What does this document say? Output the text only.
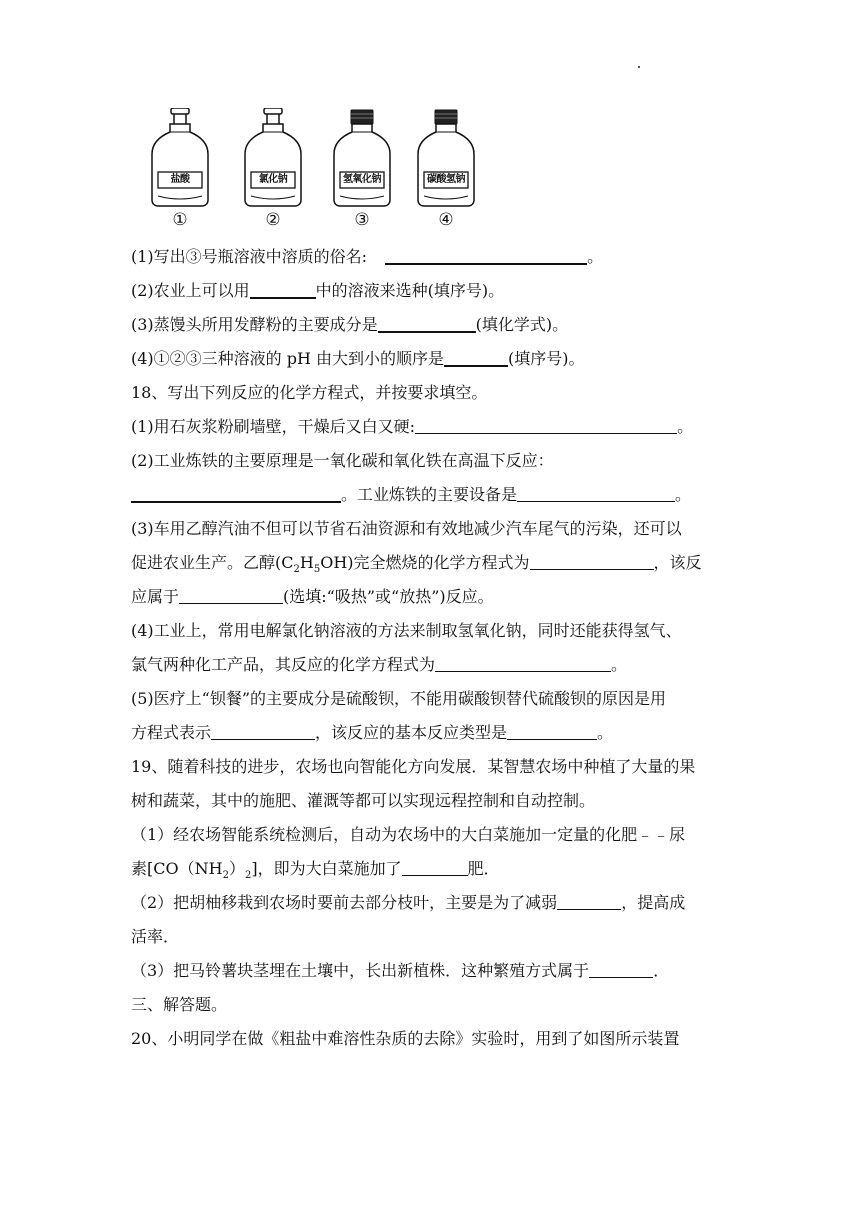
盐酸
①
氯化钠
②
氢氧化钠
③
碳酸氢钠
④
(1)写出③号瓶溶液中溶质的俗名:	。
(2)农业上可以用	中的溶液来选种(填序号)。
(3)蒸馒头所用发酵粉的主要成分是	(填化学式)。
(4)①②③三种溶液的 pH 由大到小的顺序是	(填序号)。
18、写出下列反应的化学方程式，并按要求填空。
(1)用石灰浆粉刷墙壁，干燥后又白又硬:	。
(2)工业炼铁的主要原理是一氧化碳和氧化铁在高温下反应：
。工业炼铁的主要设备是	。
(3)车用乙醇汽油不但可以节省石油资源和有效地减少汽车尾气的污染，还可以
促进农业生产。乙醇$(C_2H_5OH)$完全燃烧的化学方程式为	，该反
应属于	(选填:“吸热”或“放热”)反应。
(4)工业上，常用电解氯化钠溶液的方法来制取氢氧化钠，同时还能获得氢气、
氯气两种化工产品，其反应的化学方程式为	。
(5)医疗上“钡餐”的主要成分是硫酸钡，不能用碳酸钡替代硫酸钡的原因是用
方程式表示	，该反应的基本反应类型是	。
19、随着科技的进步，农场也向智能化方向发展．某智慧农场中种植了大量的果
树和蔬菜，其中的施肥、灌溉等都可以实现远程控制和自动控制。
（1）经农场智能系统检测后，自动为农场中的大白菜施加一定量的化肥﹣﹣尿
素$[CO(NH_2)_2]$，即为大白菜施加了	肥．
（2）把胡柚移栽到农场时要前去部分枝叶，主要是为了减弱	，提高成
活率．
（3）把马铃薯块茎埋在土壤中，长出新植株．这种繁殖方式属于	．
三、解答题。
20、小明同学在做《粗盐中难溶性杂质的去除》实验时，用到了如图所示装置
